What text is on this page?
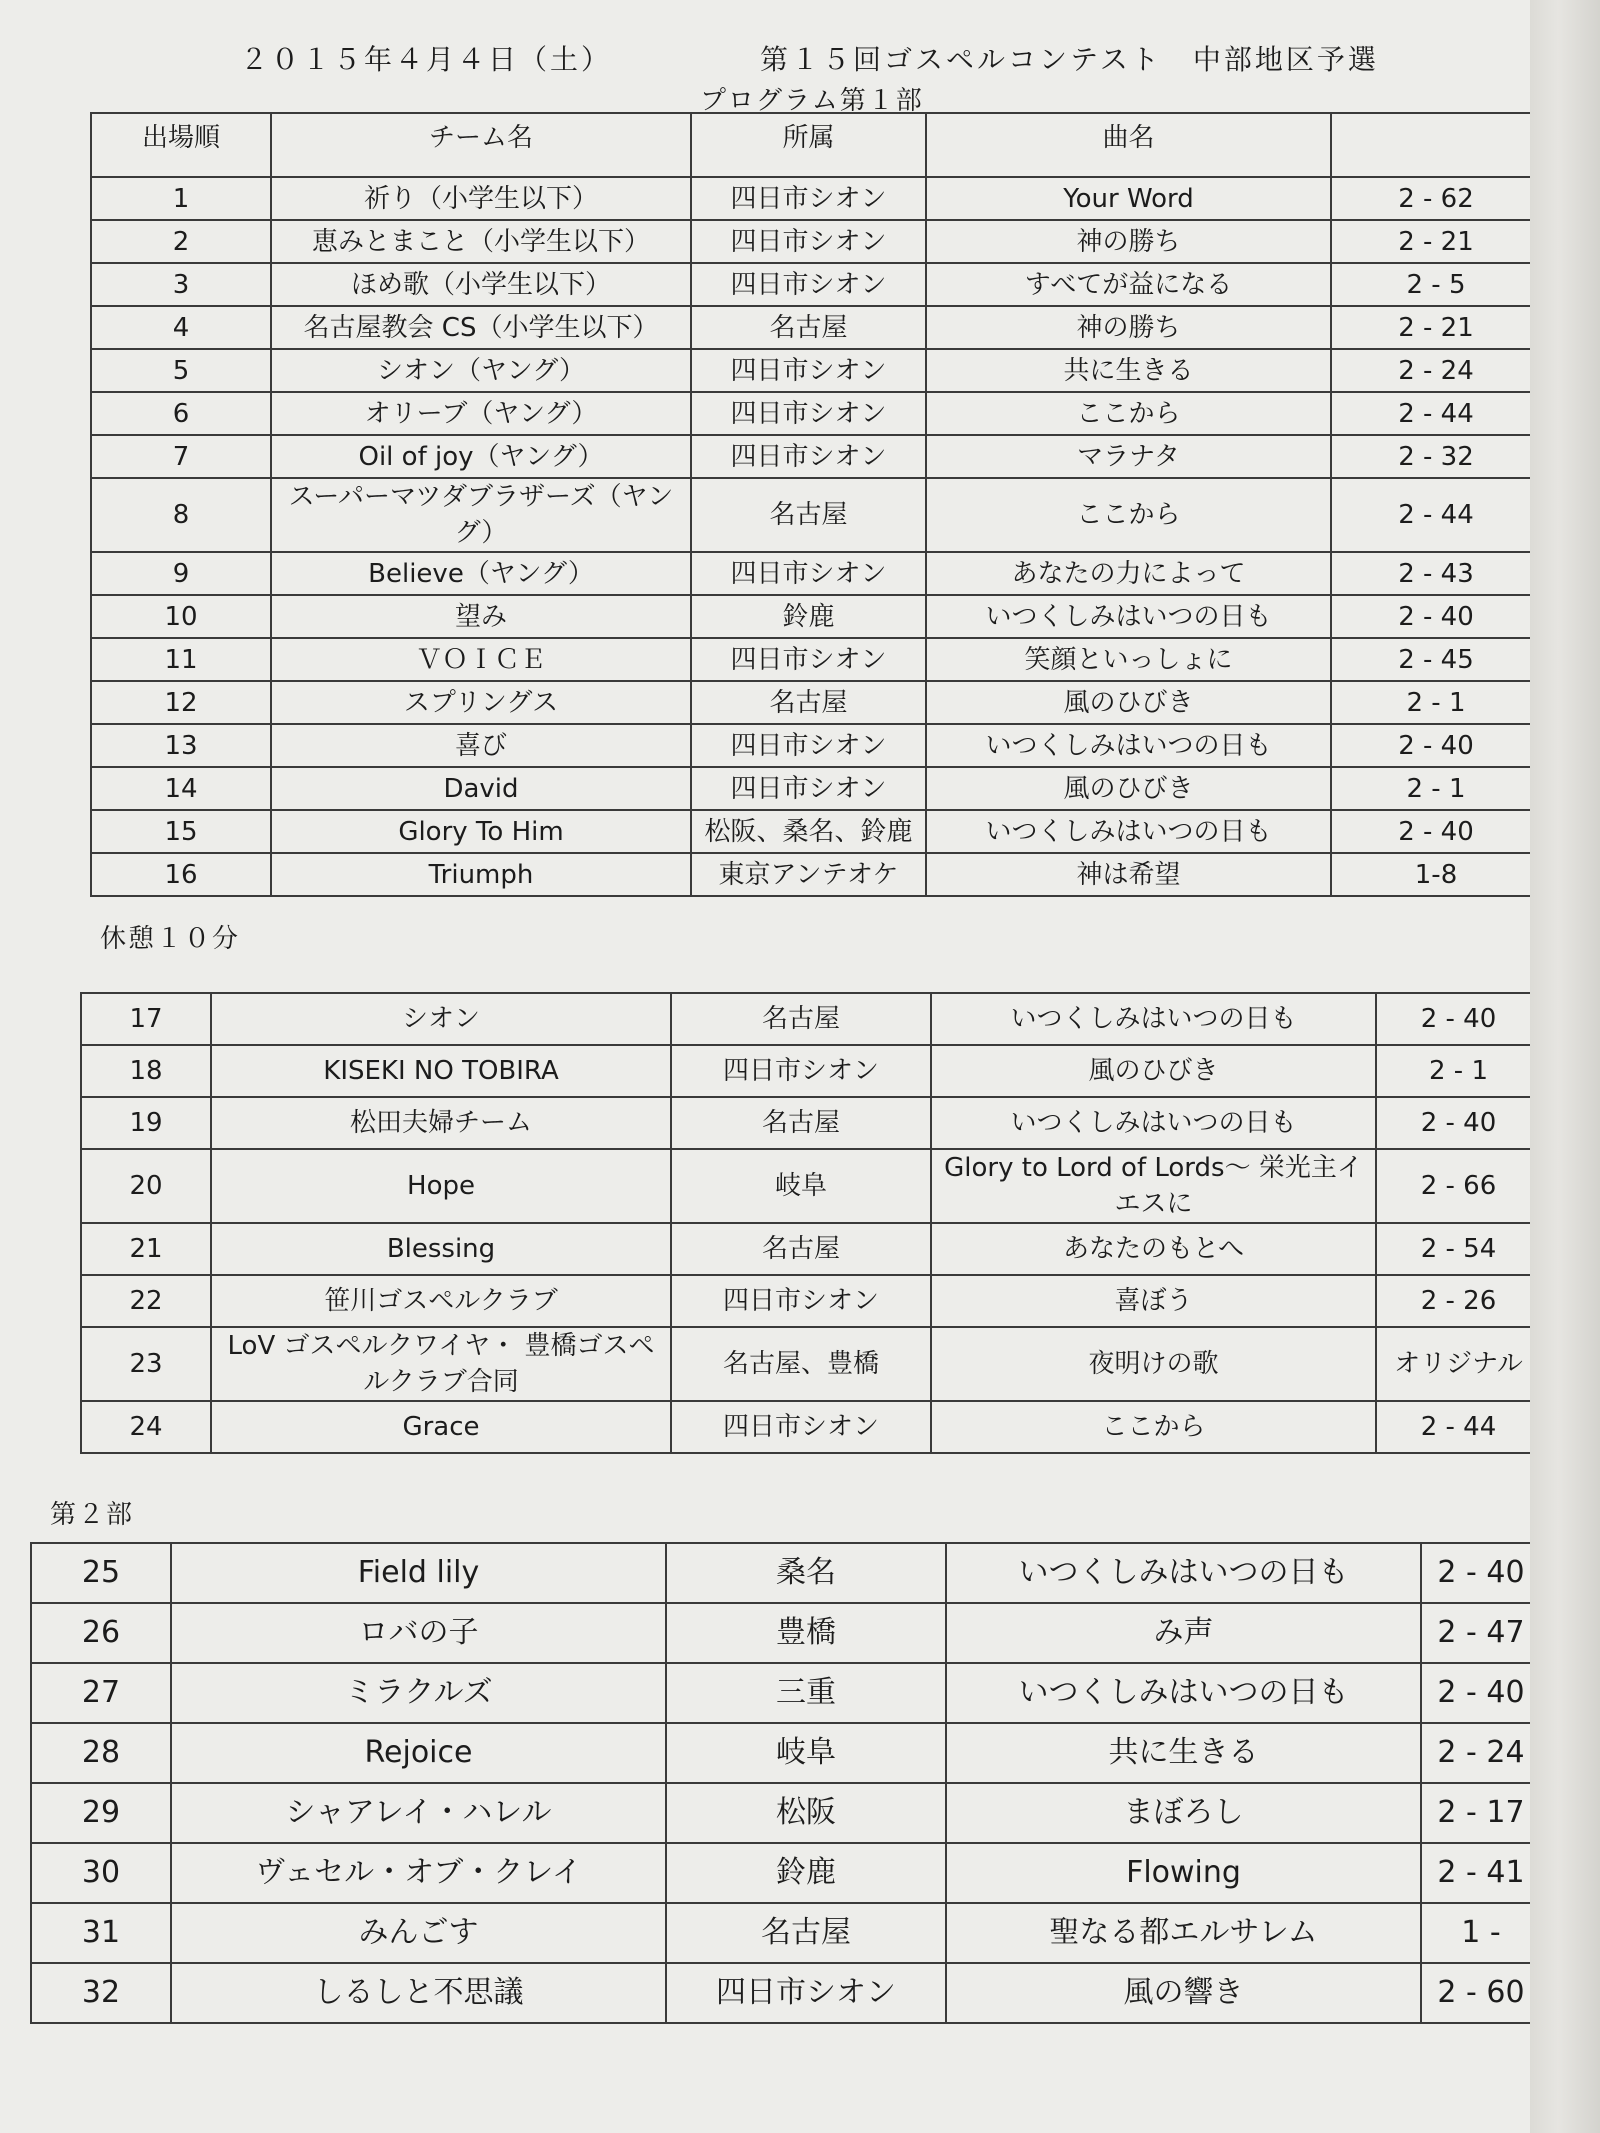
２０１５年４月４日（土）	第１５回ゴスペルコンテスト　中部地区予選
プログラム第１部
出場順	チーム名	所属	曲名	
1	祈り（小学生以下）	四日市シオン	Your Word	2 - 62
2	恵みとまこと（小学生以下）	四日市シオン	神の勝ち	2 - 21
3	ほめ歌（小学生以下）	四日市シオン	すべてが益になる	2 - 5
4	名古屋教会 CS（小学生以下）	名古屋	神の勝ち	2 - 21
5	シオン（ヤング）	四日市シオン	共に生きる	2 - 24
6	オリーブ（ヤング）	四日市シオン	ここから	2 - 44
7	Oil of joy（ヤング）	四日市シオン	マラナタ	2 - 32
8	スーパーマツダブラザーズ（ヤング）	名古屋	ここから	2 - 44
9	Believe（ヤング）	四日市シオン	あなたの力によって	2 - 43
10	望み	鈴鹿	いつくしみはいつの日も	2 - 40
11	ＶＯＩＣＥ	四日市シオン	笑顔といっしょに	2 - 45
12	スプリングス	名古屋	風のひびき	2 - 1
13	喜び	四日市シオン	いつくしみはいつの日も	2 - 40
14	David	四日市シオン	風のひびき	2 - 1
15	Glory To Him	松阪、桑名、鈴鹿	いつくしみはいつの日も	2 - 40
16	Triumph	東京アンテオケ	神は希望	1-8
休憩１０分
17	シオン	名古屋	いつくしみはいつの日も	2 - 40
18	KISEKI NO TOBIRA	四日市シオン	風のひびき	2 - 1
19	松田夫婦チーム	名古屋	いつくしみはいつの日も	2 - 40
20	Hope	岐阜	Glory to Lord of Lords～ 栄光主イエスに	2 - 66
21	Blessing	名古屋	あなたのもとへ	2 - 54
22	笹川ゴスペルクラブ	四日市シオン	喜ぼう	2 - 26
23	LoV ゴスペルクワイヤ・ 豊橋ゴスペルクラブ合同	名古屋、豊橋	夜明けの歌	オリジナル
24	Grace	四日市シオン	ここから	2 - 44
第２部
25	Field lily	桑名	いつくしみはいつの日も	2 - 40
26	ロバの子	豊橋	み声	2 - 47
27	ミラクルズ	三重	いつくしみはいつの日も	2 - 40
28	Rejoice	岐阜	共に生きる	2 - 24
29	シャアレイ・ハレル	松阪	まぼろし	2 - 17
30	ヴェセル・オブ・クレイ	鈴鹿	Flowing	2 - 41
31	みんごす	名古屋	聖なる都エルサレム	1 -
32	しるしと不思議	四日市シオン	風の響き	2 - 60
